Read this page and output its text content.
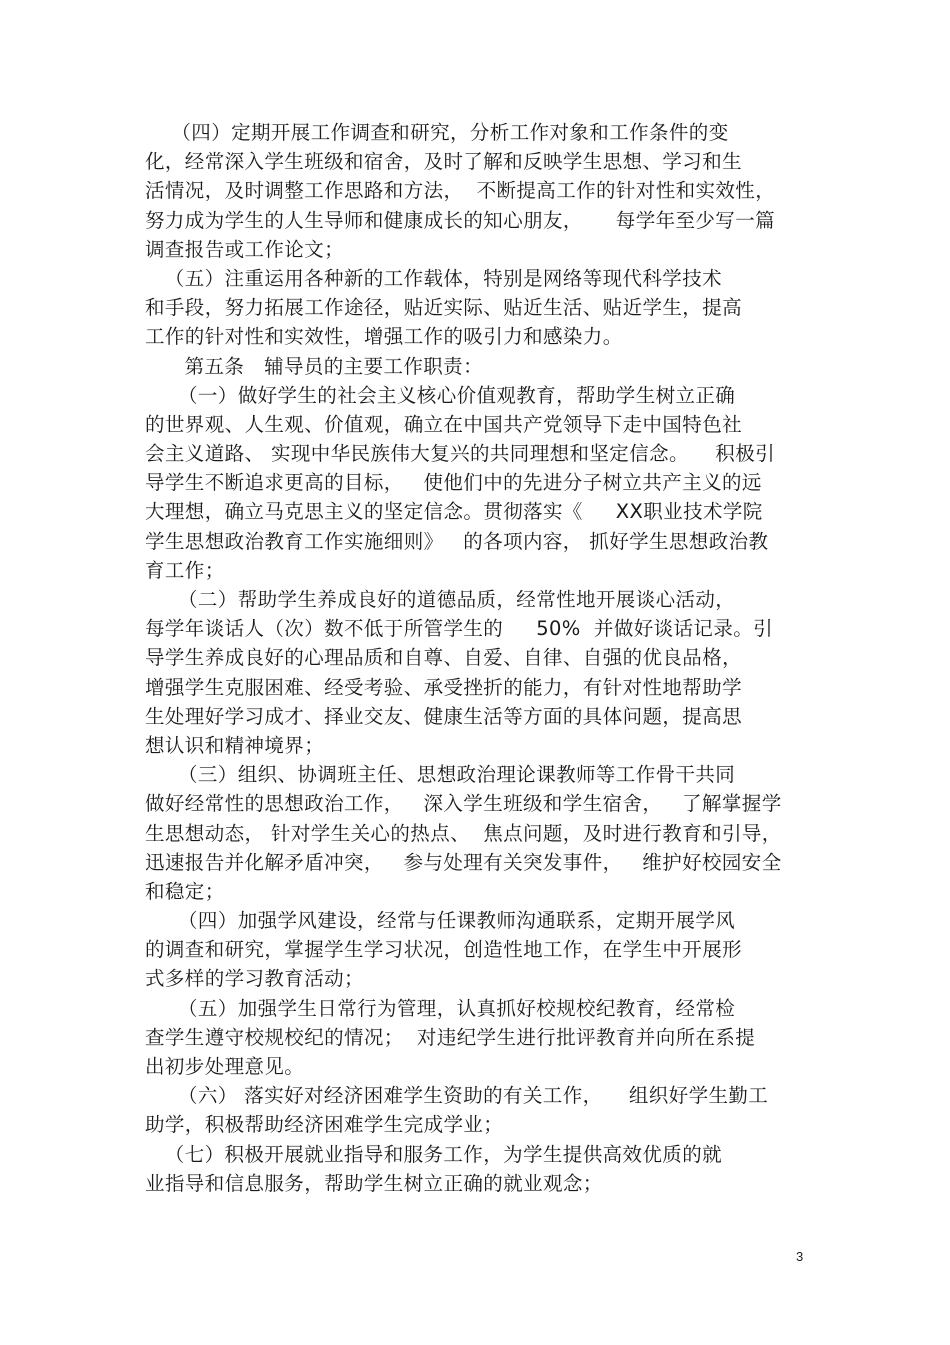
（四）定期开展工作调查和研究，分析工作对象和工作条件的变
化，经常深入学生班级和宿舍，及时了解和反映学生思想、学习和生
活情况，及时调整工作思路和方法，  不断提高工作的针对性和实效性，
努力成为学生的人生导师和健康成长的知心朋友，     每学年至少写一篇
调查报告或工作论文；
（五）注重运用各种新的工作载体，特别是网络等现代科学技术
和手段，努力拓展工作途径，贴近实际、贴近生活、贴近学生，提高
工作的针对性和实效性，增强工作的吸引力和感染力。
第五条   辅导员的主要工作职责：
（一）做好学生的社会主义核心价值观教育，帮助学生树立正确
的世界观、人生观、价值观，确立在中国共产党领导下走中国特色社
会主义道路、 实现中华民族伟大复兴的共同理想和坚定信念。    积极引
导学生不断追求更高的目标，   使他们中的先进分子树立共产主义的远
大理想，确立马克思主义的坚定信念。贯彻落实《     XX职业技术学院
学生思想政治教育工作实施细则》   的各项内容， 抓好学生思想政治教
育工作；
（二）帮助学生养成良好的道德品质，经常性地开展谈心活动，
每学年谈话人（次）数不低于所管学生的     50%  并做好谈话记录。引
导学生养成良好的心理品质和自尊、自爱、自律、自强的优良品格，
增强学生克服困难、经受考验、承受挫折的能力，有针对性地帮助学
生处理好学习成才、择业交友、健康生活等方面的具体问题，提高思
想认识和精神境界；
（三）组织、协调班主任、思想政治理论课教师等工作骨干共同
做好经常性的思想政治工作，   深入学生班级和学生宿舍，   了解掌握学
生思想动态， 针对学生关心的热点、  焦点问题，及时进行教育和引导，
迅速报告并化解矛盾冲突，   参与处理有关突发事件，   维护好校园安全
和稳定；
（四）加强学风建设，经常与任课教师沟通联系，定期开展学风
的调查和研究，掌握学生学习状况，创造性地工作，在学生中开展形
式多样的学习教育活动；
（五）加强学生日常行为管理，认真抓好校规校纪教育，经常检
查学生遵守校规校纪的情况；  对违纪学生进行批评教育并向所在系提
出初步处理意见。
（六） 落实好对经济困难学生资助的有关工作，    组织好学生勤工
助学，积极帮助经济困难学生完成学业；
（七）积极开展就业指导和服务工作，为学生提供高效优质的就
业指导和信息服务，帮助学生树立正确的就业观念；
3
